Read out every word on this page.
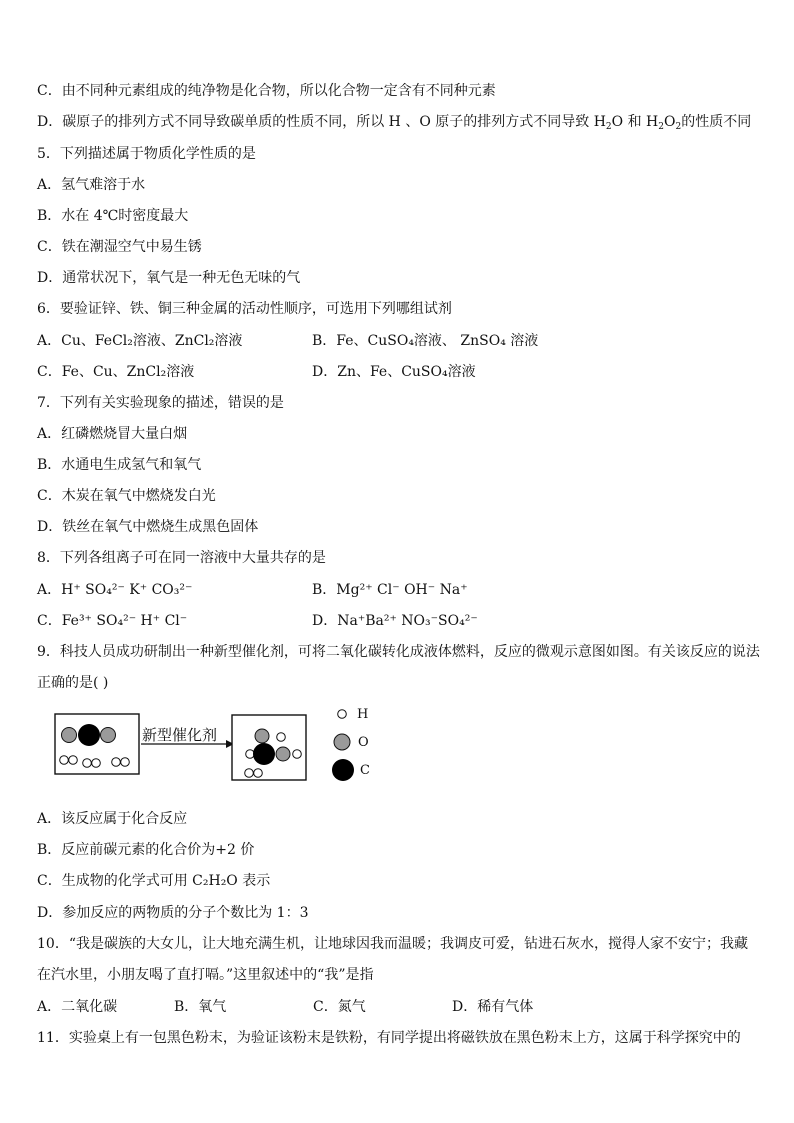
C．由不同种元素组成的纯净物是化合物，所以化合物一定含有不同种元素
D．碳原子的排列方式不同导致碳单质的性质不同，所以 H 、O 原子的排列方式不同导致 $H_2O$ 和 $H_2O_2$的性质不同
5．下列描述属于物质化学性质的是
A．氢气难溶于水
B．水在 4℃时密度最大
C．铁在潮湿空气中易生锈
D．通常状况下，氧气是一种无色无味的气
6．要验证锌、铁、铜三种金属的活动性顺序，可选用下列哪组试剂
A．Cu、FeCl₂溶液、ZnCl₂溶液	B．Fe、CuSO₄溶液、 ZnSO₄ 溶液
C．Fe、Cu、ZnCl₂溶液	D．Zn、Fe、CuSO₄溶液
7．下列有关实验现象的描述，错误的是
A．红磷燃烧冒大量白烟
B．水通电生成氢气和氧气
C．木炭在氧气中燃烧发白光
D．铁丝在氧气中燃烧生成黑色固体
8．下列各组离子可在同一溶液中大量共存的是
A．H⁺ SO₄²⁻ K⁺ CO₃²⁻	B．Mg²⁺ Cl⁻ OH⁻ Na⁺
C．Fe³⁺ SO₄²⁻ H⁺ Cl⁻	D．Na⁺Ba²⁺ NO₃⁻SO₄²⁻
9．科技人员成功研制出一种新型催化剂，可将二氧化碳转化成液体燃料，反应的微观示意图如图。有关该反应的说法
正确的是( )
新型催化剂
H
O
C
A．该反应属于化合反应
B．反应前碳元素的化合价为+2 价
C．生成物的化学式可用 C₂H₂O 表示
D．参加反应的两物质的分子个数比为 1：3
10．“我是碳族的大女儿，让大地充满生机，让地球因我而温暖；我调皮可爱，钻进石灰水，搅得人家不安宁；我藏
在汽水里，小朋友喝了直打嗝。”这里叙述中的“我”是指
A．二氧化碳	B．氧气	C．氮气	D．稀有气体
11．实验桌上有一包黑色粉末，为验证该粉末是铁粉，有同学提出将磁铁放在黑色粉末上方，这属于科学探究中的
